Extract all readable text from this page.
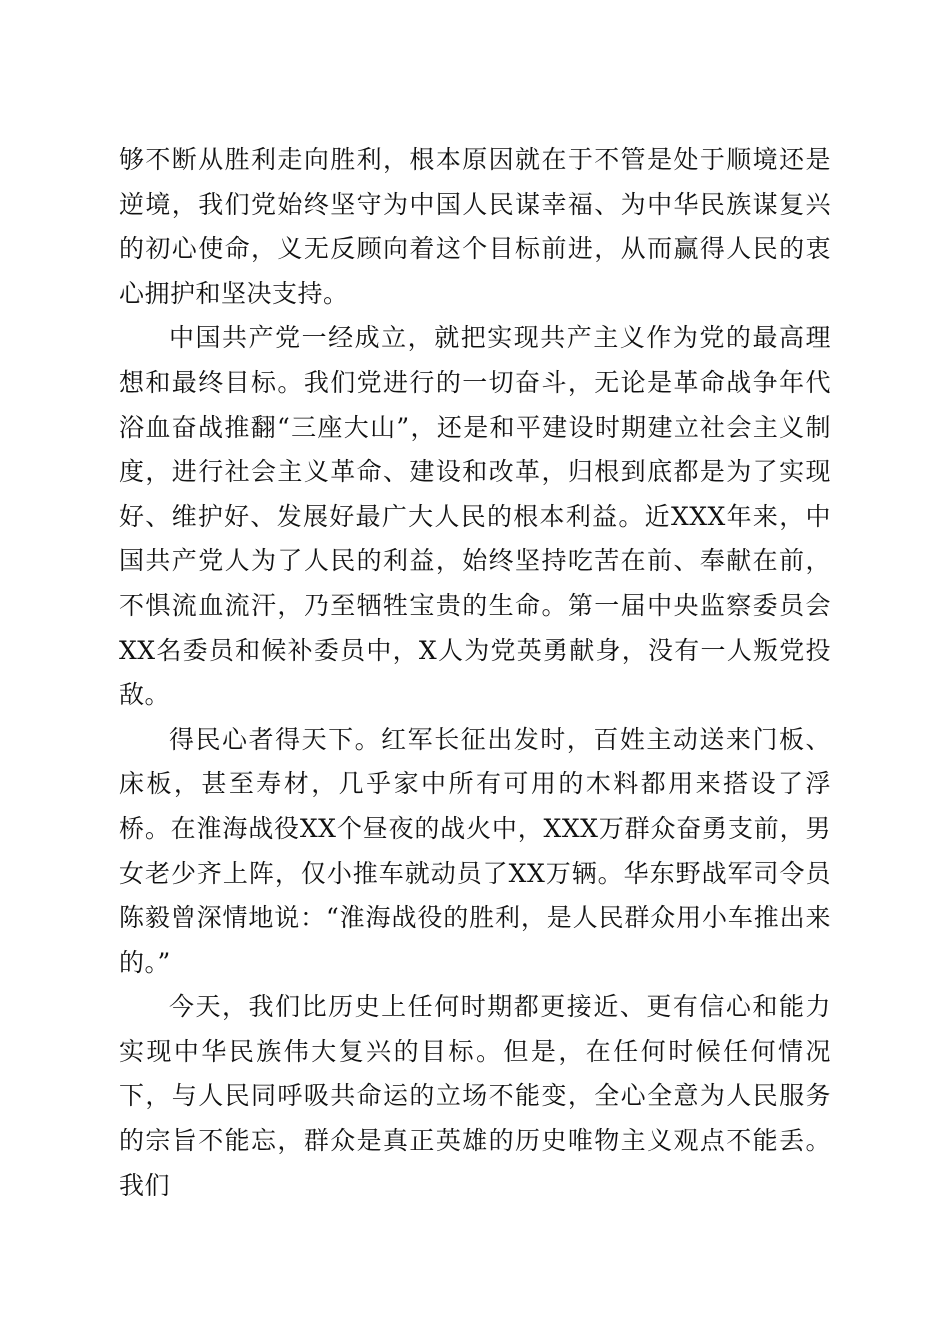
够不断从胜利走向胜利，根本原因就在于不管是处于顺境还是逆境，我们党始终坚守为中国人民谋幸福、为中华民族谋复兴的初心使命，义无反顾向着这个目标前进，从而赢得人民的衷心拥护和坚决支持。

中国共产党一经成立，就把实现共产主义作为党的最高理想和最终目标。我们党进行的一切奋斗，无论是革命战争年代浴血奋战推翻“三座大山”，还是和平建设时期建立社会主义制度，进行社会主义革命、建设和改革，归根到底都是为了实现好、维护好、发展好最广大人民的根本利益。近XXX年来，中国共产党人为了人民的利益，始终坚持吃苦在前、奉献在前，不惧流血流汗，乃至牺牲宝贵的生命。第一届中央监察委员会XX名委员和候补委员中，X人为党英勇献身，没有一人叛党投敌。

得民心者得天下。红军长征出发时，百姓主动送来门板、床板，甚至寿材，几乎家中所有可用的木料都用来搭设了浮桥。在淮海战役XX个昼夜的战火中，XXX万群众奋勇支前，男女老少齐上阵，仅小推车就动员了XX万辆。华东野战军司令员陈毅曾深情地说：“淮海战役的胜利，是人民群众用小车推出来的。”

今天，我们比历史上任何时期都更接近、更有信心和能力实现中华民族伟大复兴的目标。但是，在任何时候任何情况下，与人民同呼吸共命运的立场不能变，全心全意为人民服务的宗旨不能忘，群众是真正英雄的历史唯物主义观点不能丢。我们
